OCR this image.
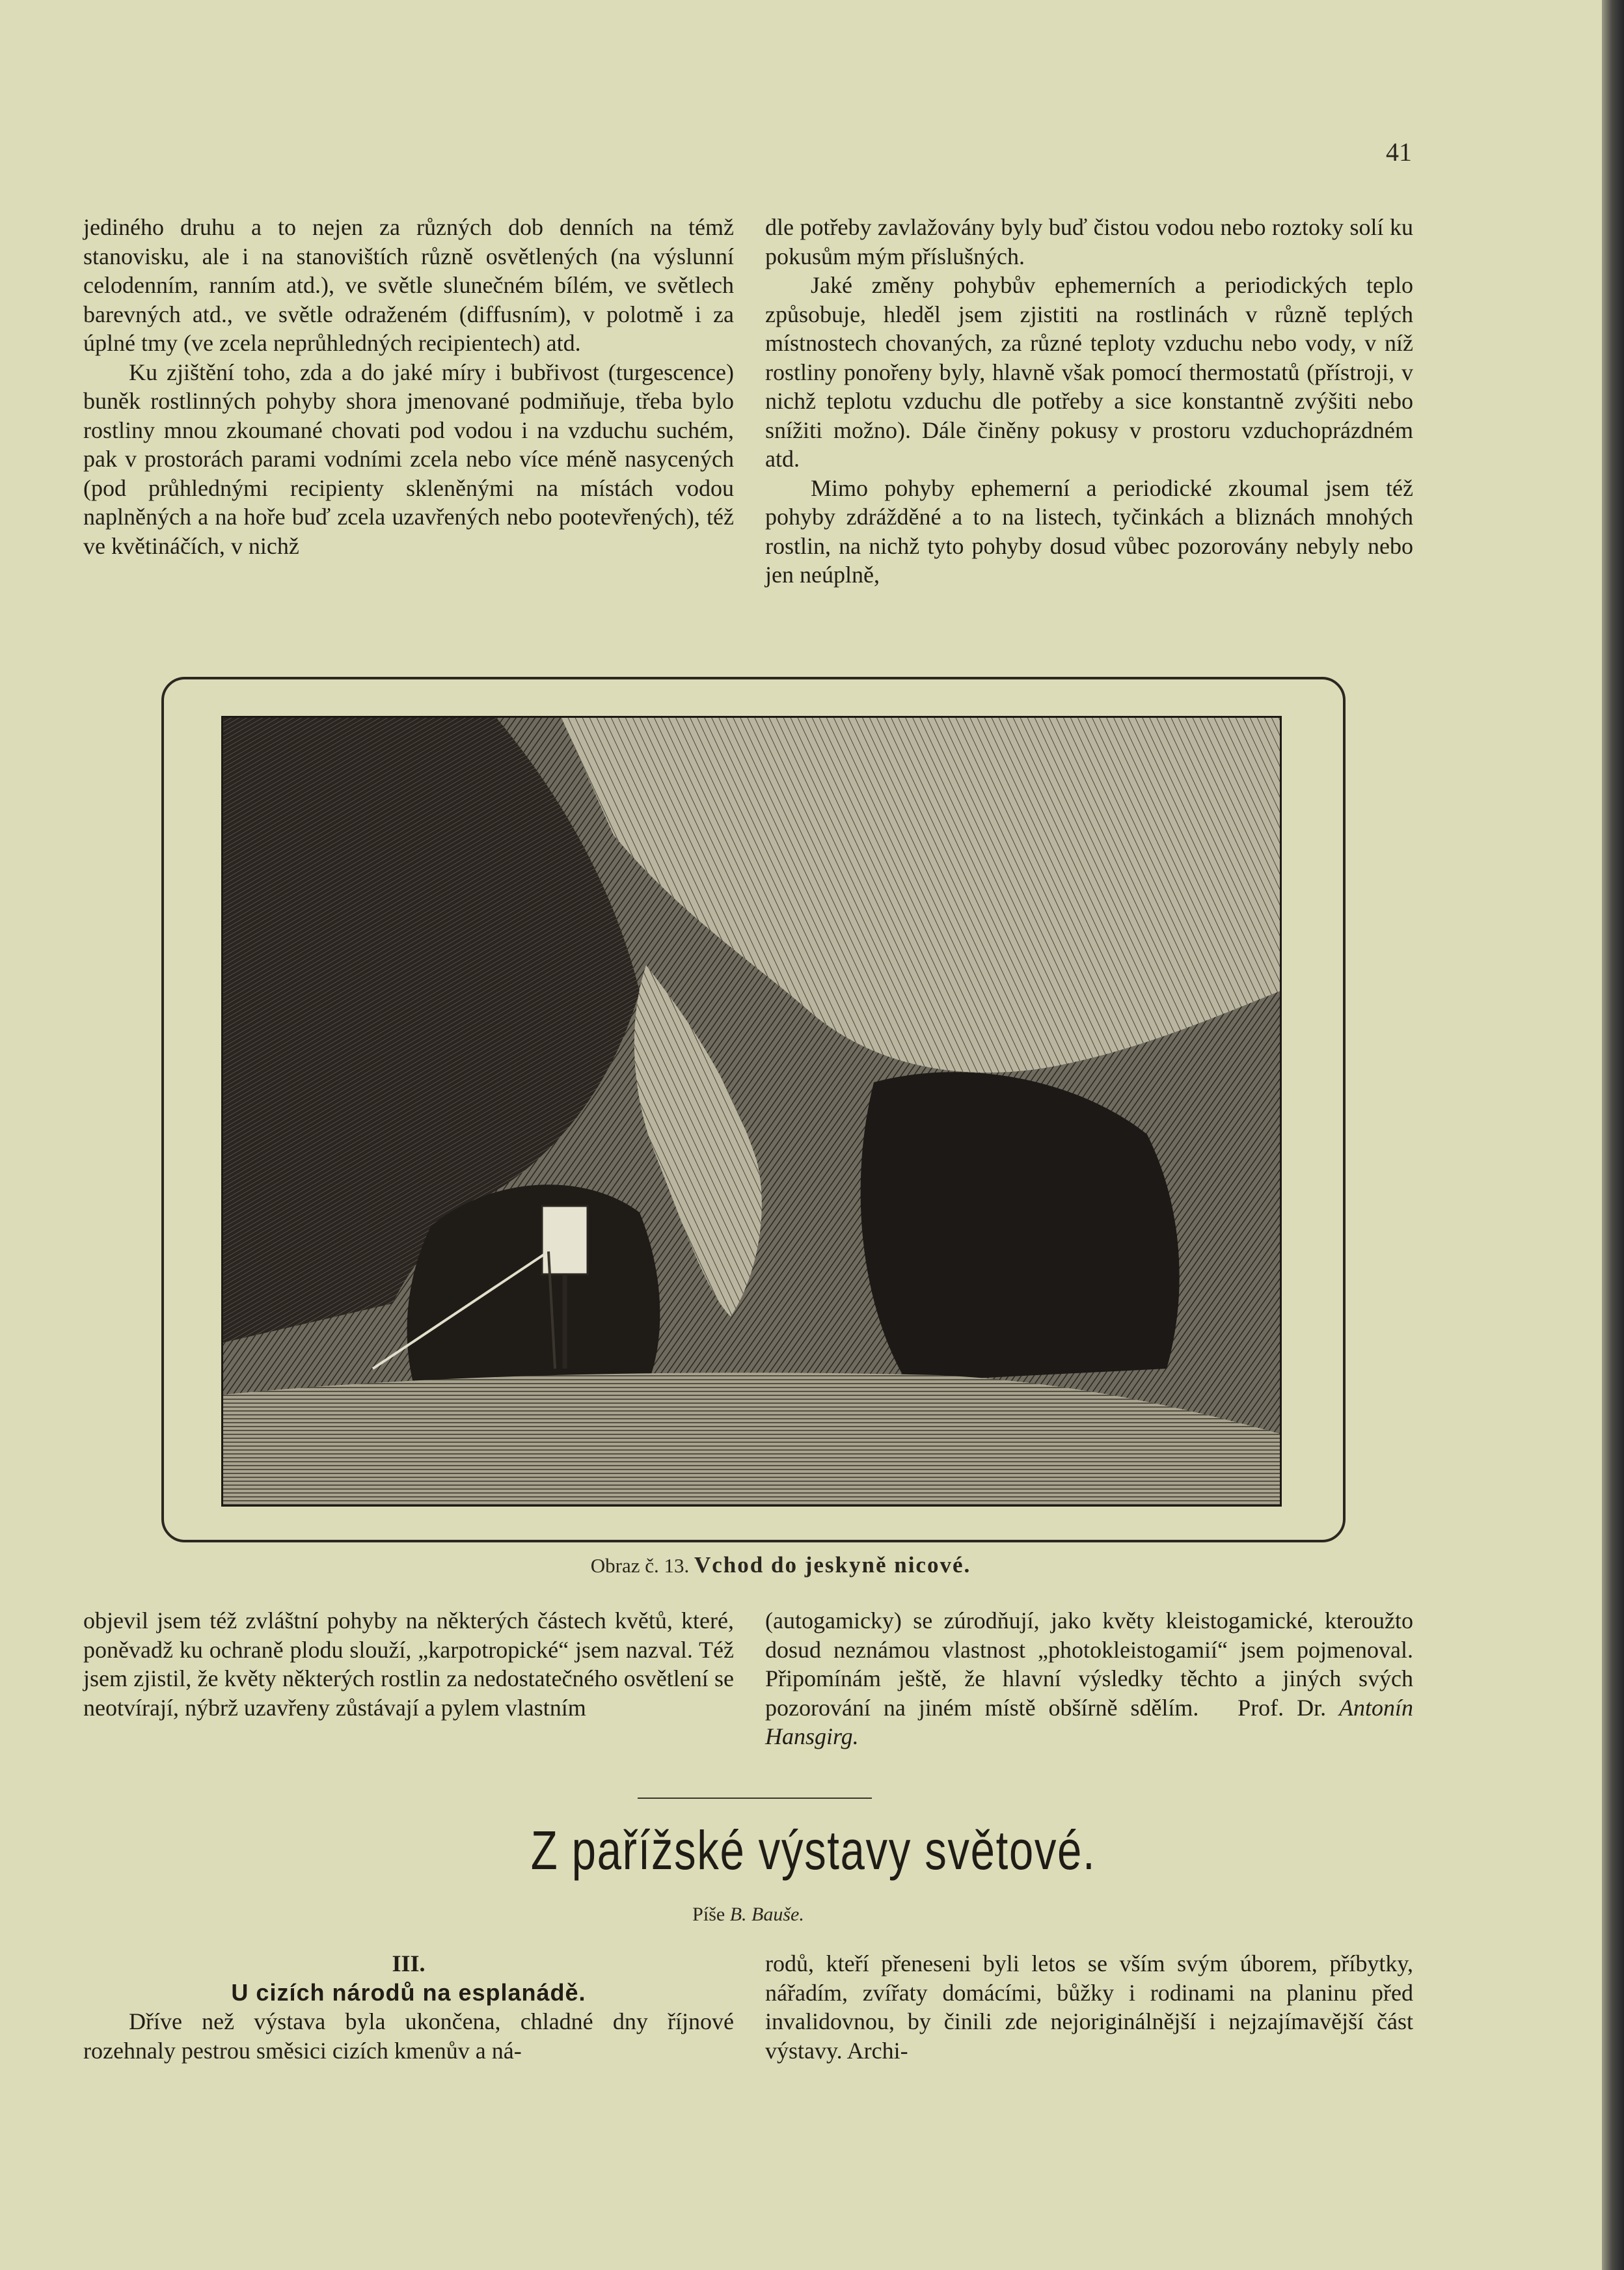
41

jediného druhu a to nejen za různých dob denních na témž stanovisku, ale i na stanovištích různě osvětlených (na výslunní celodenním, ranním atd.), ve světle slunečném bílém, ve světlech barevných atd., ve světle odraženém (diffusním), v polotmě i za úplné tmy (ve zcela neprůhledných recipientech) atd.

Ku zjištění toho, zda a do jaké míry i bubřivost (turgescence) buněk rostlinných pohyby shora jmenované podmiňuje, třeba bylo rostliny mnou zkoumané chovati pod vodou i na vzduchu suchém, pak v prostorách parami vodními zcela nebo více méně nasycených (pod průhlednými recipienty skleněnými na místách vodou naplněných a na hoře buď zcela uzavřených nebo pootevřených), též ve květináčích, v nichž

dle potřeby zavlažovány byly buď čistou vodou nebo roztoky solí ku pokusům mým příslušných.

Jaké změny pohybův ephemerních a periodických teplo způsobuje, hleděl jsem zjistiti na rostlinách v různě teplých místnostech chovaných, za různé teploty vzduchu nebo vody, v níž rostliny ponořeny byly, hlavně však pomocí thermostatů (přístroji, v nichž teplotu vzduchu dle potřeby a sice konstantně zvýšiti nebo snížiti možno). Dále činěny pokusy v prostoru vzduchoprázdném atd.

Mimo pohyby ephemerní a periodické zkoumal jsem též pohyby zdrážděné a to na listech, tyčinkách a bliznách mnohých rostlin, na nichž tyto pohyby dosud vůbec pozorovány nebyly nebo jen neúplně,

Obraz č. 13. Vchod do jeskyně nicové.

objevil jsem též zvláštní pohyby na některých částech květů, které, poněvadž ku ochraně plodu slouží, „karpotropické“ jsem nazval. Též jsem zjistil, že květy některých rostlin za nedostatečného osvětlení se neotvírají, nýbrž uzavřeny zůstávají a pylem vlastním

(autogamicky) se zúrodňují, jako květy kleistogamické, kteroužto dosud neznámou vlastnost „photokleistogamií“ jsem pojmenoval. Připomínám ještě, že hlavní výsledky těchto a jiných svých pozorování na jiném místě obšírně sdělím. Prof. Dr. Antonín Hansgirg.

Z pařížské výstavy světové.
Píše B. Bauše.
III.
U cizích národů na esplanádě.

Dříve než výstava byla ukončena, chladné dny říjnové rozehnaly pestrou směsici cizích kmenův a ná-

rodů, kteří přeneseni byli letos se vším svým úborem, příbytky, nářadím, zvířaty domácími, bůžky i rodinami na planinu před invalidovnou, by činili zde nejoriginálnější i nejzajímavější část výstavy. Archi-
